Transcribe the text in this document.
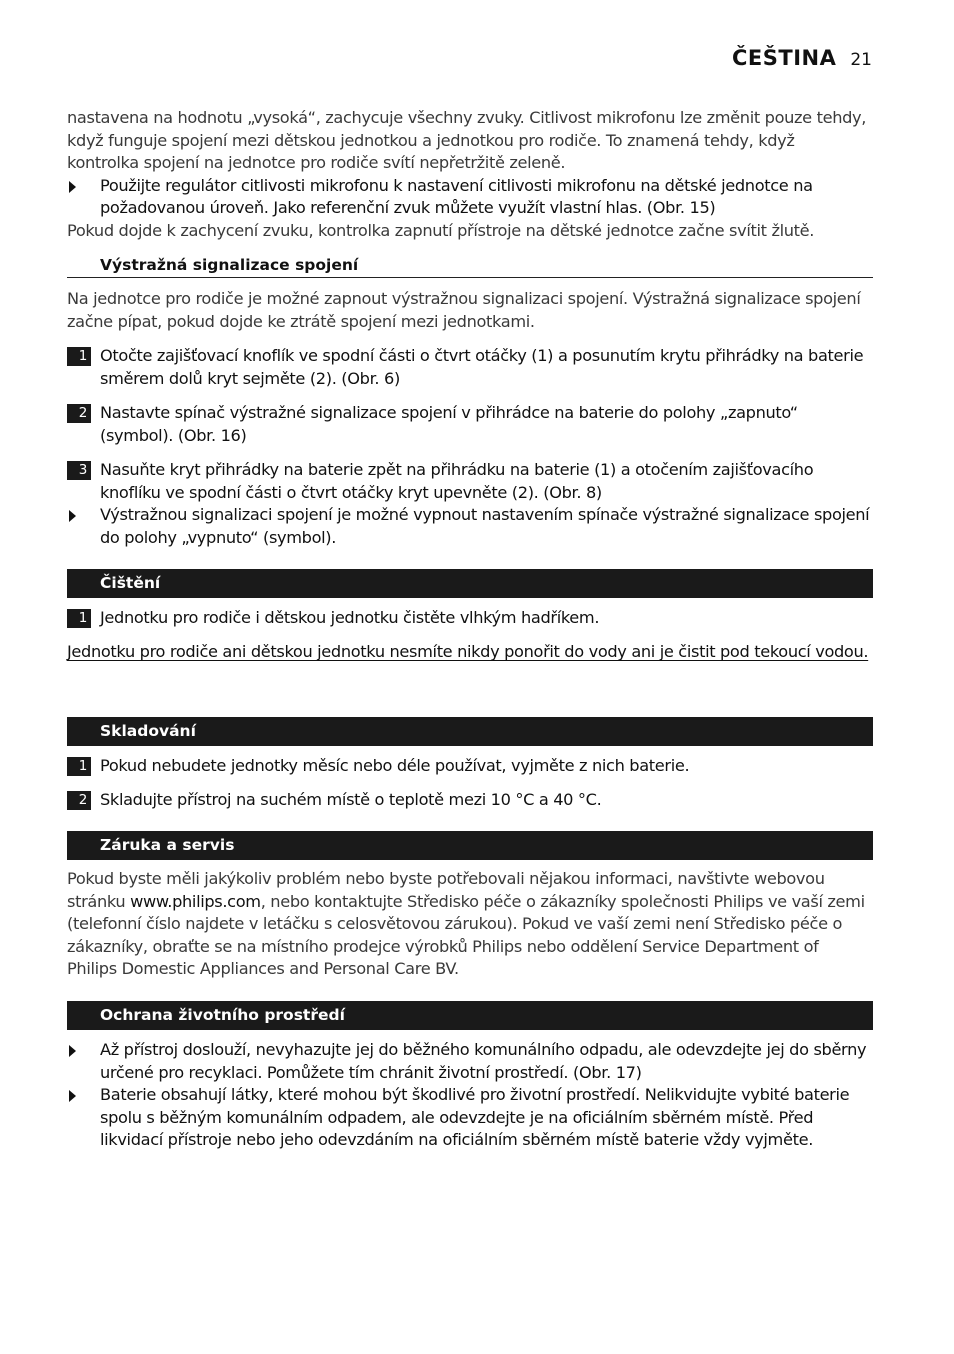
ČEŠTINA 21

nastavena na hodnotu „vysoká“, zachycuje všechny zvuky. Citlivost mikrofonu lze změnit pouze tehdy,

když funguje spojení mezi dětskou jednotkou a jednotkou pro rodiče. To znamená tehdy, když

kontrolka spojení na jednotce pro rodiče svítí nepřetržitě zeleně.

Použijte regulátor citlivosti mikrofonu k nastavení citlivosti mikrofonu na dětské jednotce na požadovanou úroveň. Jako referenční zvuk můžete využít vlastní hlas. (Obr. 15)

Pokud dojde k zachycení zvuku, kontrolka zapnutí přístroje na dětské jednotce začne svítit žlutě.

Výstražná signalizace spojení

Na jednotce pro rodiče je možné zapnout výstražnou signalizaci spojení. Výstražná signalizace spojení začne pípat, pokud dojde ke ztrátě spojení mezi jednotkami.

1 Otočte zajišťovací knoflík ve spodní části o čtvrt otáčky (1) a posunutím krytu přihrádky na baterie směrem dolů kryt sejměte (2). (Obr. 6)
2 Nastavte spínač výstražné signalizace spojení v přihrádce na baterie do polohy „zapnuto“ (symbol). (Obr. 16)
3 Nasuňte kryt přihrádky na baterie zpět na přihrádku na baterie (1) a otočením zajišťovacího knoflíku ve spodní části o čtvrt otáčky kryt upevněte (2). (Obr. 8)
Výstražnou signalizaci spojení je možné vypnout nastavením spínače výstražné signalizace spojení do polohy „vypnuto“ (symbol).
Čištění
1 Jednotku pro rodiče i dětskou jednotku čistěte vlhkým hadříkem.

Jednotku pro rodiče ani dětskou jednotku nesmíte nikdy ponořit do vody ani je čistit pod tekoucí vodou.

Skladování
1 Pokud nebudete jednotky měsíc nebo déle používat, vyjměte z nich baterie.
2 Skladujte přístroj na suchém místě o teplotě mezi 10 °C a 40 °C.
Záruka a servis

Pokud byste měli jakýkoliv problém nebo byste potřebovali nějakou informaci, navštivte webovou stránku www.philips.com, nebo kontaktujte Středisko péče o zákazníky společnosti Philips ve vaší zemi (telefonní číslo najdete v letáčku s celosvětovou zárukou). Pokud ve vaší zemi není Středisko péče o zákazníky, obraťte se na místního prodejce výrobků Philips nebo oddělení Service Department of Philips Domestic Appliances and Personal Care BV.

Ochrana životního prostředí
Až přístroj doslouží, nevyhazujte jej do běžného komunálního odpadu, ale odevzdejte jej do sběrny určené pro recyklaci. Pomůžete tím chránit životní prostředí. (Obr. 17)
Baterie obsahují látky, které mohou být škodlivé pro životní prostředí. Nelikvidujte vybité baterie spolu s běžným komunálním odpadem, ale odevzdejte je na oficiálním sběrném místě. Před likvidací přístroje nebo jeho odevzdáním na oficiálním sběrném místě baterie vždy vyjměte.
